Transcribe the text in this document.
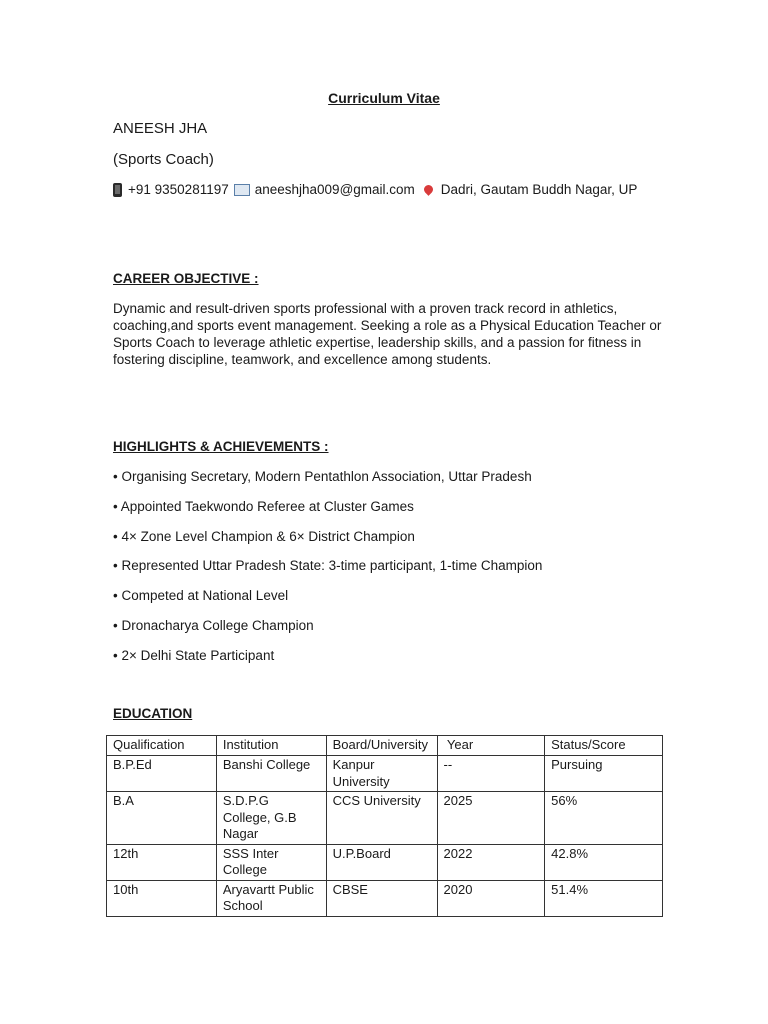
Curriculum Vitae
ANEESH JHA
(Sports Coach)
+91 9350281197 aneeshjha009@gmail.com Dadri, Gautam Buddh Nagar, UP
CAREER OBJECTIVE :
Dynamic and result-driven sports professional with a proven track record in athletics, coaching,and sports event management. Seeking a role as a Physical Education Teacher or Sports Coach to leverage athletic expertise, leadership skills, and a passion for fitness in fostering discipline, teamwork, and excellence among students.
HIGHLIGHTS & ACHIEVEMENTS :
• Organising Secretary, Modern Pentathlon Association, Uttar Pradesh
• Appointed Taekwondo Referee at Cluster Games
• 4× Zone Level Champion & 6× District Champion
• Represented Uttar Pradesh State: 3-time participant, 1-time Champion
• Competed at National Level
• Dronacharya College Champion
• 2× Delhi State Participant
EDUCATION
Qualification	Institution	Board/University	Year	Status/Score
B.P.Ed	Banshi College	Kanpur University	--	Pursuing
B.A	S.D.P.G College, G.B Nagar	CCS University	2025	56%
12th	SSS Inter College	U.P.Board	2022	42.8%
10th	Aryavartt Public School	CBSE	2020	51.4%
